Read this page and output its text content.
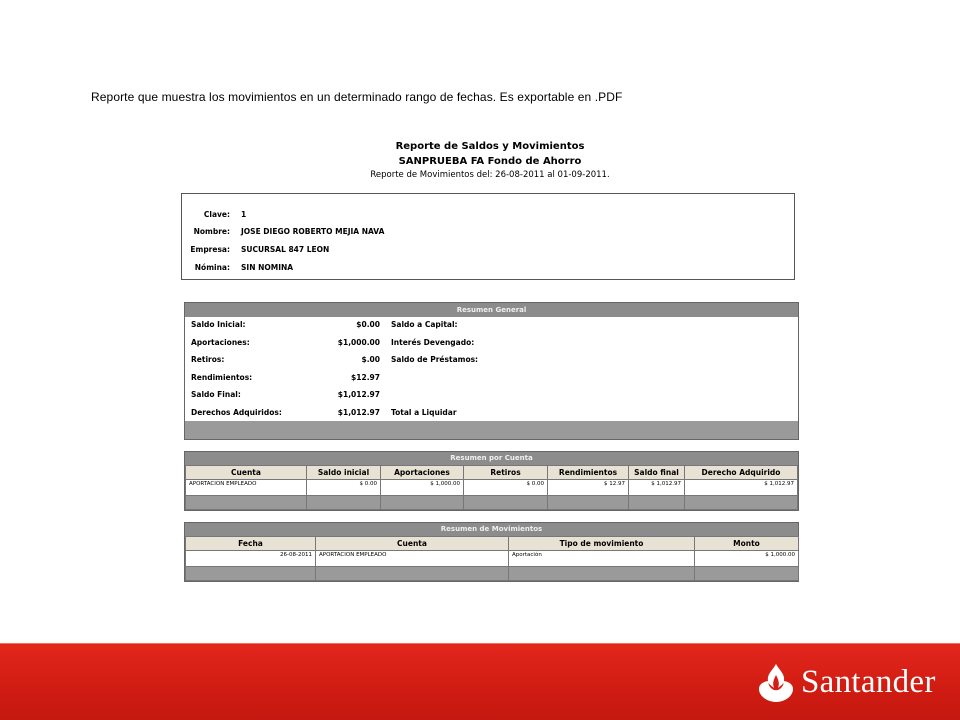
Reporte que muestra los movimientos en un determinado rango de fechas. Es exportable en .PDF
Reporte de Saldos y Movimientos
SANPRUEBA FA Fondo de Ahorro
Reporte de Movimientos del: 26-08-2011 al 01-09-2011.
Clave: 1
Nombre: JOSE DIEGO ROBERTO MEJIA NAVA
Empresa: SUCURSAL 847 LEON
Nómina: SIN NOMINA
Resumen General
Saldo Inicial:	$0.00 Saldo a Capital:
Aportaciones:	$1,000.00 Interés Devengado:
Retiros:	$.00 Saldo de Préstamos:
Rendimientos:	$12.97
Saldo Final:	$1,012.97
Derechos Adquiridos:	$1,012.97 Total a Liquidar
Resumen por Cuenta
Cuenta	Saldo inicial	Aportaciones	Retiros	Rendimientos	Saldo final	Derecho Adquirido
APORTACION EMPLEADO	$ 0.00	$ 1,000.00	$ 0.00	$ 12.97	$ 1,012.97	$ 1,012.97

Resumen de Movimientos
Fecha	Cuenta	Tipo de movimiento	Monto
26-08-2011	APORTACION EMPLEADO	Aportación	$ 1,000.00

Santander
